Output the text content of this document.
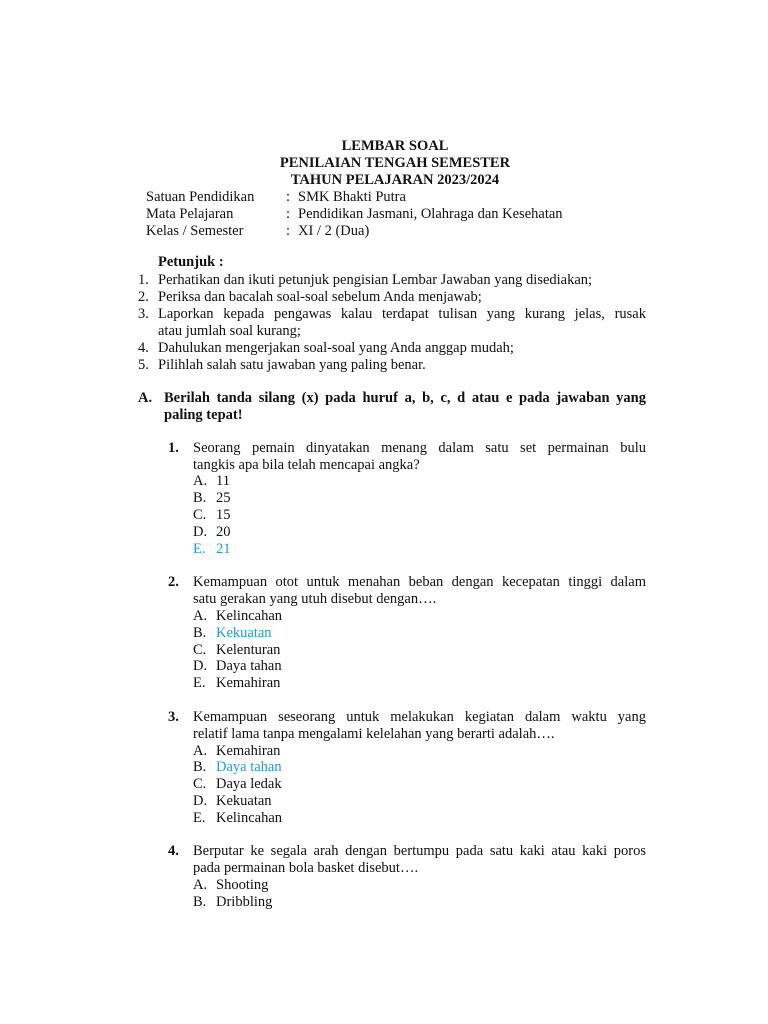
LEMBAR SOAL
PENILAIAN TENGAH SEMESTER
TAHUN PELAJARAN 2023/2024
Satuan Pendidikan : SMK Bhakti Putra
Mata Pelajaran	: Pendidikan Jasmani, Olahraga dan Kesehatan
Kelas / Semester	: XI / 2 (Dua)
Petunjuk :
1. Perhatikan dan ikuti petunjuk pengisian Lembar Jawaban yang disediakan;
2. Periksa dan bacalah soal-soal sebelum Anda menjawab;
3. Laporkan kepada pengawas kalau terdapat tulisan yang kurang jelas, rusak
atau jumlah soal kurang;
4. Dahulukan mengerjakan soal-soal yang Anda anggap mudah;
5. Pilihlah salah satu jawaban yang paling benar.
A. Berilah tanda silang (x) pada huruf a, b, c, d atau e pada jawaban yang
paling tepat!
1. Seorang pemain dinyatakan menang dalam satu set permainan bulu
tangkis apa bila telah mencapai angka?
A. 11
B. 25
C. 15
D. 20
E. 21
2. Kemampuan otot untuk menahan beban dengan kecepatan tinggi dalam
satu gerakan yang utuh disebut dengan….
A. Kelincahan
B. Kekuatan
C. Kelenturan
D. Daya tahan
E. Kemahiran
3. Kemampuan seseorang untuk melakukan kegiatan dalam waktu yang
relatif lama tanpa mengalami kelelahan yang berarti adalah….
A. Kemahiran
B. Daya tahan
C. Daya ledak
D. Kekuatan
E. Kelincahan
4. Berputar ke segala arah dengan bertumpu pada satu kaki atau kaki poros
pada permainan bola basket disebut….
A. Shooting
B. Dribbling
